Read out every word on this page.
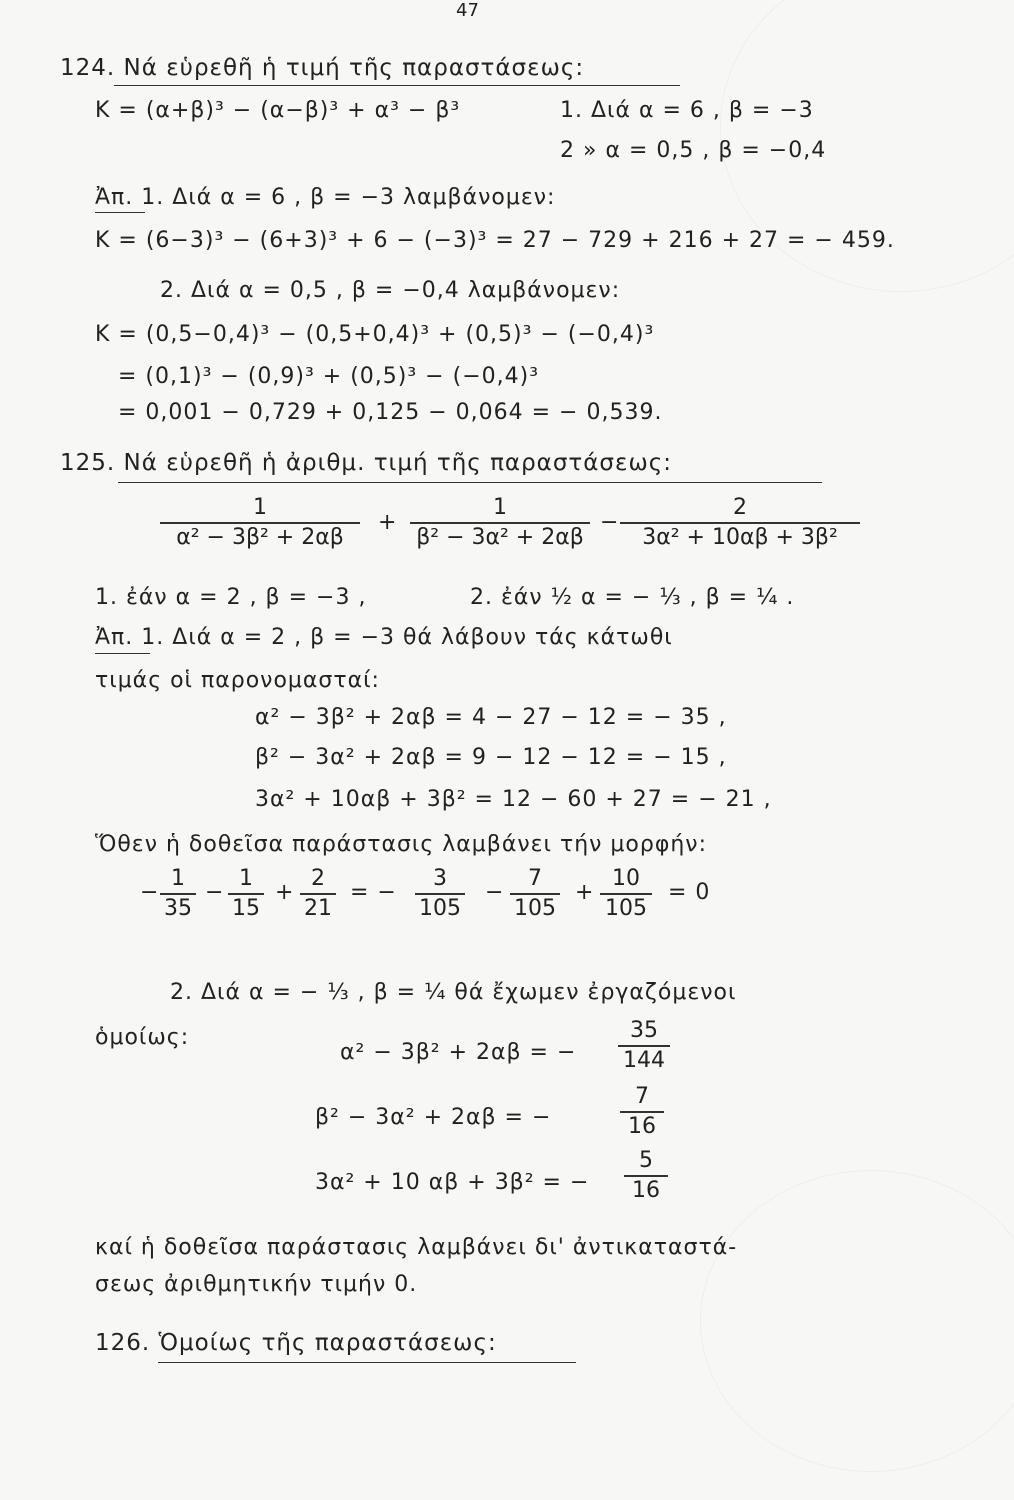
47
124. Νά εὑρεθῆ ἡ τιμή τῆς παραστάσεως:
K = (α+β)³ − (α−β)³ + α³ − β³	1. Διά α = 6 , β = −3
2 » α = 0,5 , β = −0,4
Ἀπ. 1. Διά α = 6 , β = −3 λαμβάνομεν:
K = (6−3)³ − (6+3)³ + 6 − (−3)³ = 27 − 729 + 216 + 27 = − 459.
2. Διά α = 0,5 , β = −0,4 λαμβάνομεν:
K = (0,5−0,4)³ − (0,5+0,4)³ + (0,5)³ − (−0,4)³
= (0,1)³ − (0,9)³ + (0,5)³ − (−0,4)³
= 0,001 − 0,729 + 0,125 − 0,064 = − 0,539.
125. Νά εὑρεθῆ ἡ ἀριθμ. τιμή τῆς παραστάσεως:
1
α² − 3β² + 2αβ
+
1
β² − 3α² + 2αβ
−
2
3α² + 10αβ + 3β²
1. ἐάν α = 2 , β = −3 ,	2. ἐάν ½ α = − ⅓ , β = ¼ .
Ἀπ. 1. Διά α = 2 , β = −3 θά λάβουν τάς κάτωθι
τιμάς οἱ παρονομασταί:
α² − 3β² + 2αβ = 4 − 27 − 12 = − 35 ,
β² − 3α² + 2αβ = 9 − 12 − 12 = − 15 ,
3α² + 10αβ + 3β² = 12 − 60 + 27 = − 21 ,
Ὅθεν ἡ δοθεῖσα παράστασις λαμβάνει τήν μορφήν:
−
1
35
−
1
15
+
2
21
= −
3
105
−
7
105
+
10
105
= 0
2. Διά α = − ⅓ , β = ¼ θά ἔχωμεν ἐργαζόμενοι
ὁμοίως:
α² − 3β² + 2αβ = −
35
144
β² − 3α² + 2αβ = −
7
16
3α² + 10 αβ + 3β² = −
5
16
καί ἡ δοθεῖσα παράστασις λαμβάνει δι' ἀντικαταστά-
σεως ἀριθμητικήν τιμήν 0.
126. Ὁμοίως τῆς παραστάσεως:
